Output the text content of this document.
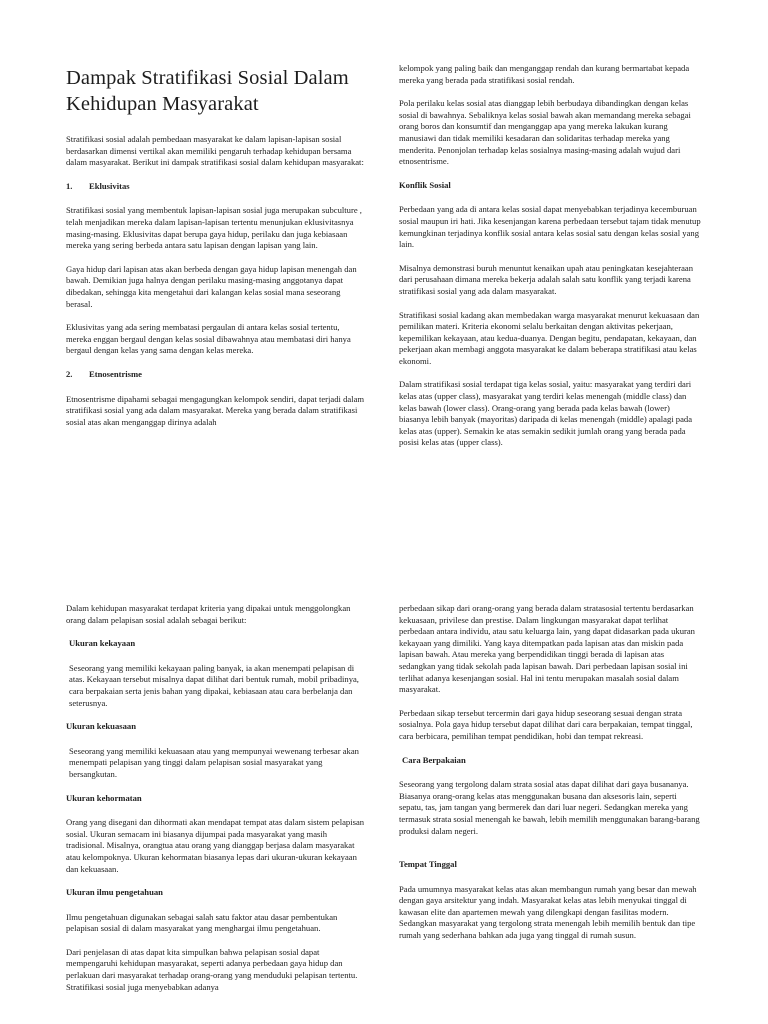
Dampak Stratifikasi Sosial Dalam Kehidupan Masyarakat

Stratifikasi sosial adalah pembedaan masyarakat ke dalam lapisan-lapisan sosial berdasarkan dimensi vertikal akan memiliki pengaruh terhadap kehidupan bersama dalam masyarakat. Berikut ini dampak stratifikasi sosial dalam kehidupan masyarakat:

1. Eklusivitas

Stratifikasi sosial yang membentuk lapisan-lapisan sosial juga merupakan subculture , telah menjadikan mereka dalam lapisan-lapisan tertentu menunjukan eklusivitasnya masing-masing. Eklusivitas dapat berupa gaya hidup, perilaku dan juga kebiasaan mereka yang sering berbeda antara satu lapisan dengan lapisan yang lain.

Gaya hidup dari lapisan atas akan berbeda dengan gaya hidup lapisan menengah dan bawah. Demikian juga halnya dengan perilaku masing-masing anggotanya dapat dibedakan, sehingga kita mengetahui dari kalangan kelas sosial mana seseorang berasal.

Eklusivitas yang ada sering membatasi pergaulan di antara kelas sosial tertentu, mereka enggan bergaul dengan kelas sosial dibawahnya atau membatasi diri hanya bergaul dengan kelas yang sama dengan kelas mereka.

2. Etnosentrisme

Etnosentrisme dipahami sebagai mengagungkan kelompok sendiri, dapat terjadi dalam stratifikasi sosial yang ada dalam masyarakat. Mereka yang berada dalam stratifikasi sosial atas akan menganggap dirinya adalah

kelompok yang paling baik dan menganggap rendah dan kurang bermartabat kepada mereka yang berada pada stratifikasi sosial rendah.

Pola perilaku kelas sosial atas dianggap lebih berbudaya dibandingkan dengan kelas sosial di bawahnya. Sebaliknya kelas sosial bawah akan memandang mereka sebagai orang boros dan konsumtif dan menganggap apa yang mereka lakukan kurang manusiawi dan tidak memiliki kesadaran dan solidaritas terhadap mereka yang menderita. Penonjolan terhadap kelas sosialnya masing-masing adalah wujud dari etnosentrisme.

Konflik Sosial

Perbedaan yang ada di antara kelas sosial dapat menyebabkan terjadinya kecemburuan sosial maupun iri hati. Jika kesenjangan karena perbedaan tersebut tajam tidak menutup kemungkinan terjadinya konflik sosial antara kelas sosial satu dengan kelas sosial yang lain.

Misalnya demonstrasi buruh menuntut kenaikan upah atau peningkatan kesejahteraan dari perusahaan dimana mereka bekerja adalah salah satu konflik yang terjadi karena stratifikasi sosial yang ada dalam masyarakat.

Stratifikasi sosial kadang akan membedakan warga masyarakat menurut kekuasaan dan pemilikan materi. Kriteria ekonomi selalu berkaitan dengan aktivitas pekerjaan, kepemilikan kekayaan, atau kedua-duanya. Dengan begitu, pendapatan, kekayaan, dan pekerjaan akan membagi anggota masyarakat ke dalam beberapa stratifikasi atau kelas ekonomi.

Dalam stratifikasi sosial terdapat tiga kelas sosial, yaitu: masyarakat yang terdiri dari kelas atas (upper class), masyarakat yang terdiri kelas menengah (middle class) dan kelas bawah (lower class). Orang-orang yang berada pada kelas bawah (lower) biasanya lebih banyak (mayoritas) daripada di kelas menengah (middle) apalagi pada kelas atas (upper). Semakin ke atas semakin sedikit jumlah orang yang berada pada posisi kelas atas (upper class).

Dalam kehidupan masyarakat terdapat kriteria yang dipakai untuk menggolongkan orang dalam pelapisan sosial adalah sebagai berikut:

Ukuran kekayaan

Seseorang yang memiliki kekayaan paling banyak, ia akan menempati pelapisan di atas. Kekayaan tersebut misalnya dapat dilihat dari bentuk rumah, mobil pribadinya, cara berpakaian serta jenis bahan yang dipakai, kebiasaan atau cara berbelanja dan seterusnya.

Ukuran kekuasaan

Seseorang yang memiliki kekuasaan atau yang mempunyai wewenang terbesar akan menempati pelapisan yang tinggi dalam pelapisan sosial masyarakat yang bersangkutan.

Ukuran kehormatan

Orang yang disegani dan dihormati akan mendapat tempat atas dalam sistem pelapisan sosial. Ukuran semacam ini biasanya dijumpai pada masyarakat yang masih tradisional. Misalnya, orangtua atau orang yang dianggap berjasa dalam masyarakat atau kelompoknya. Ukuran kehormatan biasanya lepas dari ukuran-ukuran kekayaan dan kekuasaan.

Ukuran ilmu pengetahuan

Ilmu pengetahuan digunakan sebagai salah satu faktor atau dasar pembentukan pelapisan sosial di dalam masyarakat yang menghargai ilmu pengetahuan.

Dari penjelasan di atas dapat kita simpulkan bahwa pelapisan sosial dapat mempengaruhi kehidupan masyarakat, seperti adanya perbedaan gaya hidup dan perlakuan dari masyarakat terhadap orang-orang yang menduduki pelapisan tertentu. Stratifikasi sosial juga menyebabkan adanya

perbedaan sikap dari orang-orang yang berada dalam stratasosial tertentu berdasarkan kekuasaan, privilese dan prestise. Dalam lingkungan masyarakat dapat terlihat perbedaan antara individu, atau satu keluarga lain, yang dapat didasarkan pada ukuran kekayaan yang dimiliki. Yang kaya ditempatkan pada lapisan atas dan miskin pada lapisan bawah. Atau mereka yang berpendidikan tinggi berada di lapisan atas sedangkan yang tidak sekolah pada lapisan bawah. Dari perbedaan lapisan sosial ini terlihat adanya kesenjangan sosial. Hal ini tentu merupakan masalah sosial dalam masyarakat.

Perbedaan sikap tersebut tercermin dari gaya hidup seseorang sesuai dengan strata sosialnya. Pola gaya hidup tersebut dapat dilihat dari cara berpakaian, tempat tinggal, cara berbicara, pemilihan tempat pendidikan, hobi dan tempat rekreasi.

Cara Berpakaian

Seseorang yang tergolong dalam strata sosial atas dapat dilihat dari gaya busananya. Biasanya orang-orang kelas atas menggunakan busana dan aksesoris lain, seperti sepatu, tas, jam tangan yang bermerek dan dari luar negeri. Sedangkan mereka yang termasuk strata sosial menengah ke bawah, lebih memilih menggunakan barang-barang produksi dalam negeri.

Tempat Tinggal

Pada umumnya masyarakat kelas atas akan membangun rumah yang besar dan mewah dengan gaya arsitektur yang indah. Masyarakat kelas atas lebih menyukai tinggal di kawasan elite dan apartemen mewah yang dilengkapi dengan fasilitas modern. Sedangkan masyarakat yang tergolong strata menengah lebih memilih bentuk dan tipe rumah yang sederhana bahkan ada juga yang tinggal di rumah susun.
